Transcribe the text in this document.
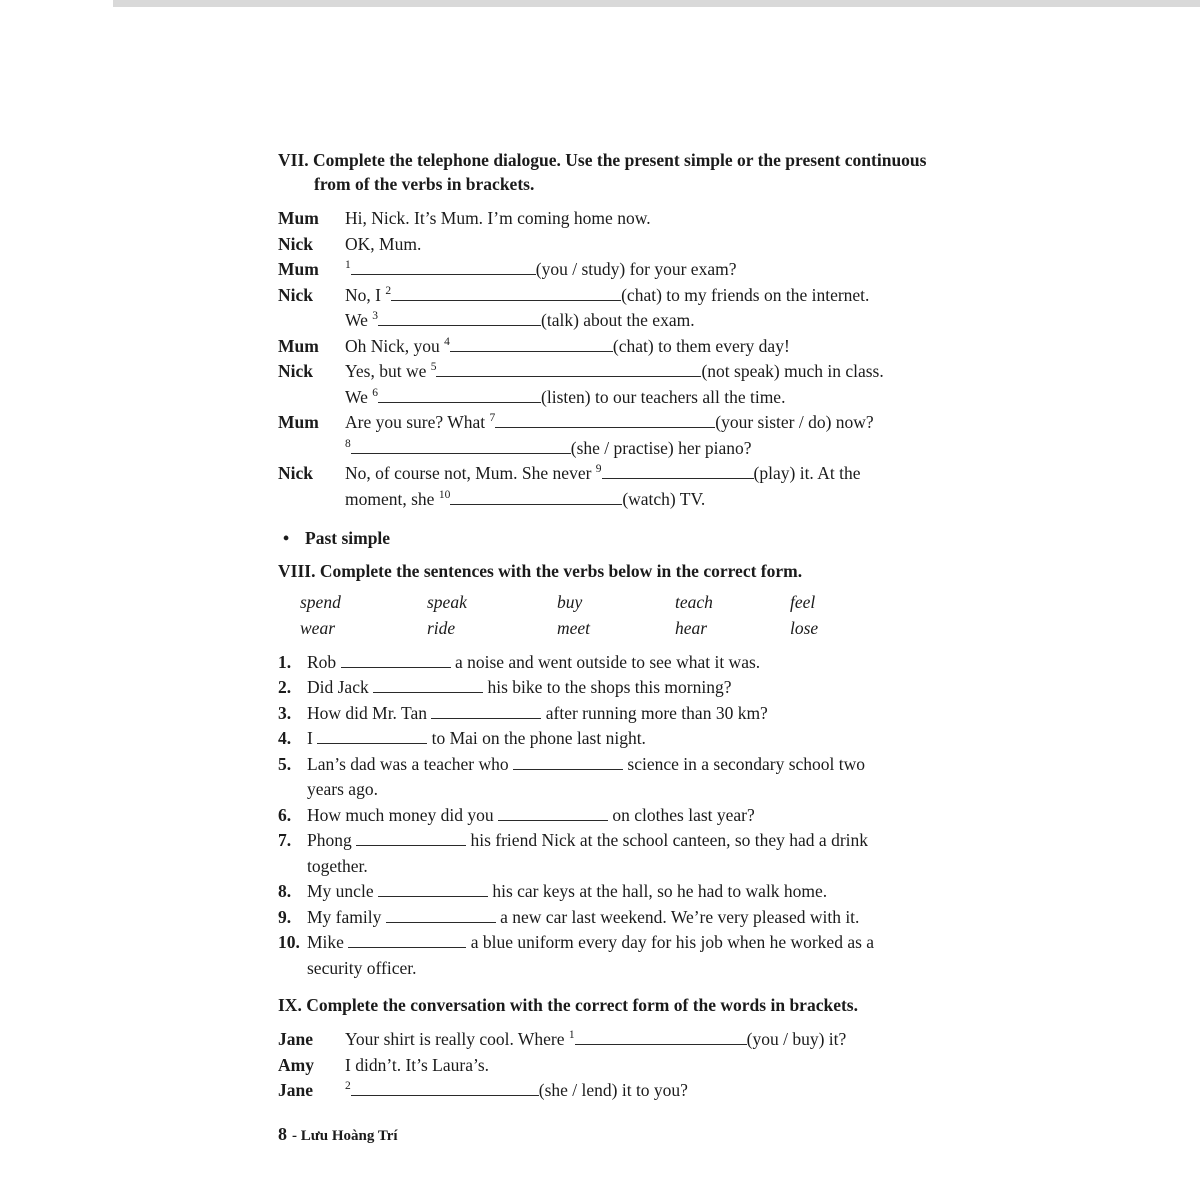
VII. Complete the telephone dialogue. Use the present simple or the present continuous from of the verbs in brackets.
Mum	Hi, Nick. It’s Mum. I’m coming home now.
Nick	OK, Mum.
Mum	$^1$	(you / study) for your exam?
Nick	No, I $^2$	(chat) to my friends on the internet.
We $^3$	(talk) about the exam.
Mum	Oh Nick, you $^4$	(chat) to them every day!
Nick	Yes, but we $^5$	(not speak) much in class.
We $^6$	(listen) to our teachers all the time.
Mum	Are you sure? What $^7$	(your sister / do) now?
$^8$	(she / practise) her piano?
Nick	No, of course not, Mum. She never $^9$	(play) it. At the
moment, she $^{10}$	(watch) TV.
• Past simple
VIII. Complete the sentences with the verbs below in the correct form.
spend	speak	buy	teach	feel
wear	ride	meet	hear	lose
1. Rob	a noise and went outside to see what it was.
2. Did Jack	his bike to the shops this morning?
3. How did Mr. Tan	after running more than 30 km?
4. I	to Mai on the phone last night.
5. Lan’s dad was a teacher who	science in a secondary school two
years ago.
6. How much money did you	on clothes last year?
7. Phong	his friend Nick at the school canteen, so they had a drink
together.
8. My uncle	his car keys at the hall, so he had to walk home.
9. My family	a new car last weekend. We’re very pleased with it.
10. Mike	a blue uniform every day for his job when he worked as a
security officer.
IX. Complete the conversation with the correct form of the words in brackets.
Jane	Your shirt is really cool. Where $^1$	(you / buy) it?
Amy	I didn’t. It’s Laura’s.
Jane	$^2$	(she / lend) it to you?
8 - Lưu Hoàng Trí
